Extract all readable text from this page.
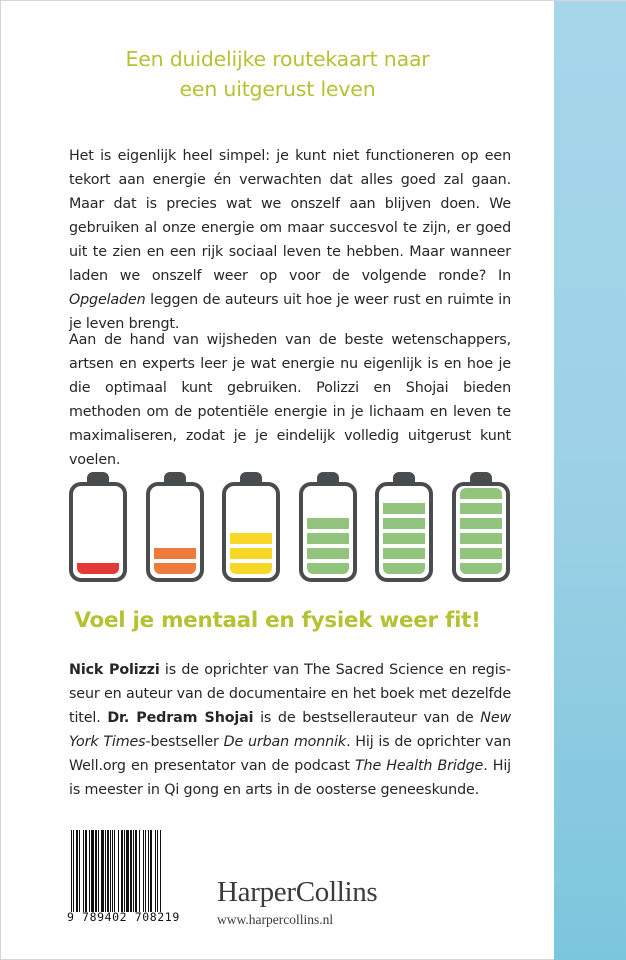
Een duidelijke routekaart naar
een uitgerust leven

Het is eigenlijk heel simpel: je kunt niet functioneren op een tekort aan energie én verwachten dat alles goed zal gaan. Maar dat is precies wat we onszelf aan blijven doen. We gebruiken al onze energie om maar succesvol te zijn, er goed uit te zien en een rijk sociaal leven te hebben. Maar wanneer laden we onszelf weer op voor de volgende ronde? In Opgeladen leggen de auteurs uit hoe je weer rust en ruimte in je leven brengt.

Aan de hand van wijsheden van de beste wetenschappers, artsen en experts leer je wat energie nu eigenlijk is en hoe je die optimaal kunt gebruiken. Polizzi en Shojai bieden methoden om de potentiële energie in je lichaam en leven te maximaliseren, zodat je je eindelijk volledig uitgerust kunt voelen.

Voel je mentaal en fysiek weer fit!

Nick Polizzi is de oprichter van The Sacred Science en regisseur en auteur van de documentaire en het boek met dezelfde titel. Dr. Pedram Shojai is de bestsellerauteur van de New York Times-bestseller De urban monnik. Hij is de oprichter van Well.org en presentator van de podcast The Health Bridge. Hij is meester in Qi gong en arts in de oosterse geneeskunde.

9 789402 708219
HarperCollins
www.harpercollins.nl
